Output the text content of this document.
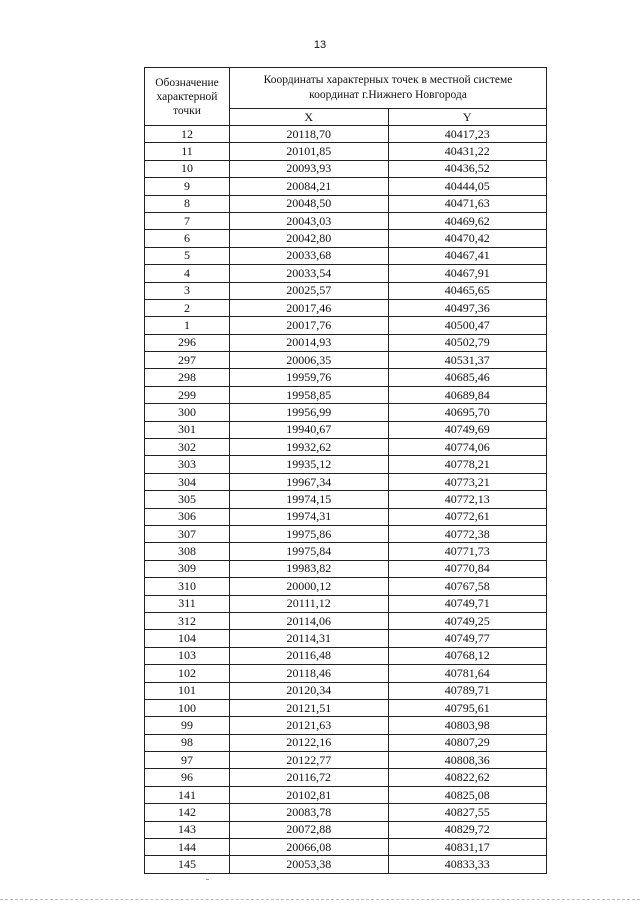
13
Обозначение
характерной
точки	Координаты характерных точек в местной системе
координат г.Нижнего Новгорода	

	X	Y
12	20118,70	40417,23
11	20101,85	40431,22
10	20093,93	40436,52
9	20084,21	40444,05
8	20048,50	40471,63
7	20043,03	40469,62
6	20042,80	40470,42
5	20033,68	40467,41
4	20033,54	40467,91
3	20025,57	40465,65
2	20017,46	40497,36
1	20017,76	40500,47
296	20014,93	40502,79
297	20006,35	40531,37
298	19959,76	40685,46
299	19958,85	40689,84
300	19956,99	40695,70
301	19940,67	40749,69
302	19932,62	40774,06
303	19935,12	40778,21
304	19967,34	40773,21
305	19974,15	40772,13
306	19974,31	40772,61
307	19975,86	40772,38
308	19975,84	40771,73
309	19983,82	40770,84
310	20000,12	40767,58
311	20111,12	40749,71
312	20114,06	40749,25
104	20114,31	40749,77
103	20116,48	40768,12
102	20118,46	40781,64
101	20120,34	40789,71
100	20121,51	40795,61
99	20121,63	40803,98
98	20122,16	40807,29
97	20122,77	40808,36
96	20116,72	40822,62
141	20102,81	40825,08
142	20083,78	40827,55
143	20072,88	40829,72
144	20066,08	40831,17
145	20053,38	40833,33
